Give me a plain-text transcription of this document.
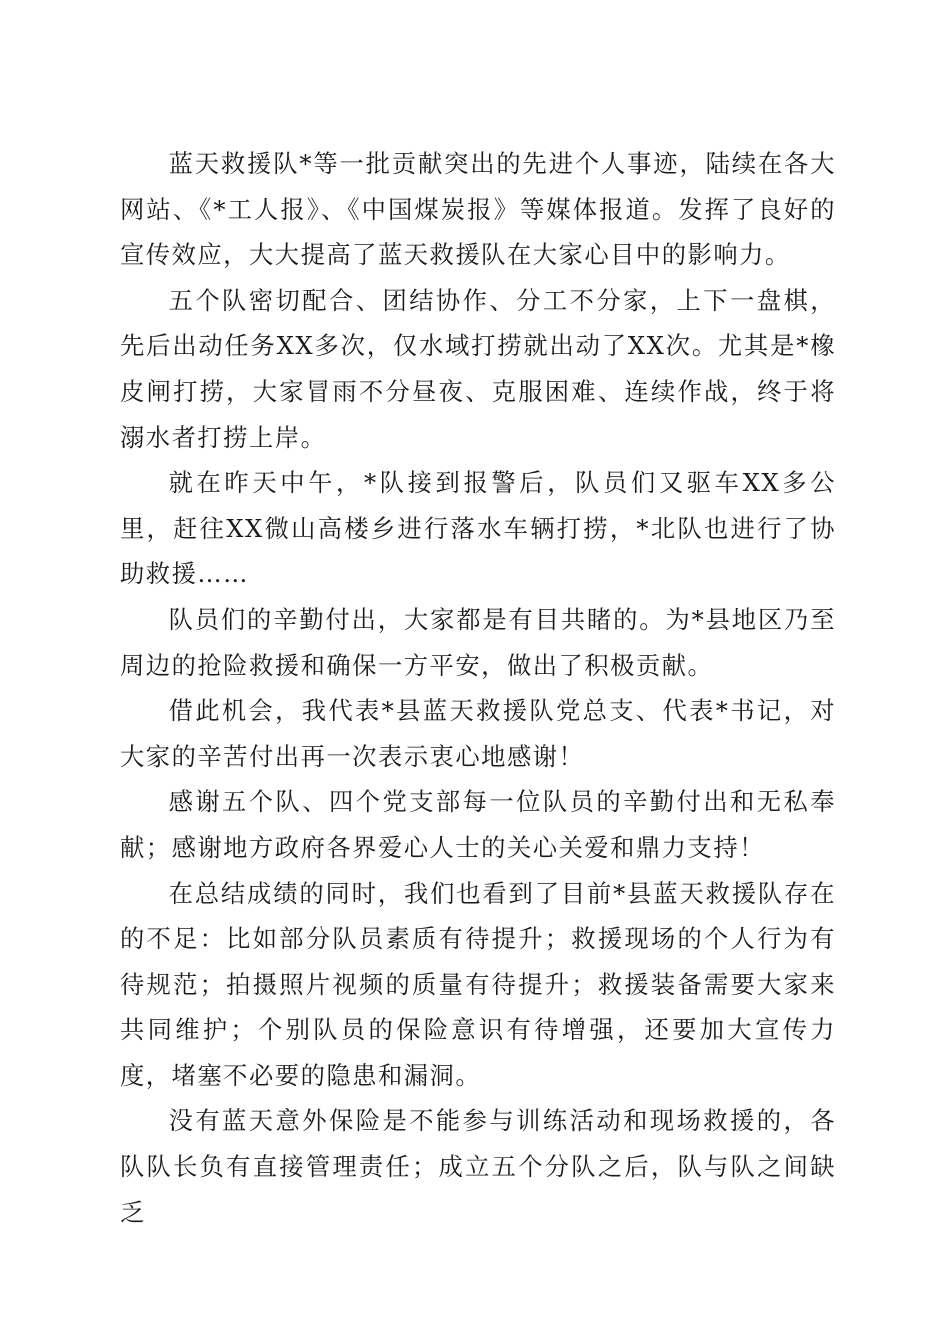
蓝天救援队*等一批贡献突出的先进个人事迹，陆续在各大网站、《*工人报》、《中国煤炭报》等媒体报道。发挥了良好的宣传效应，大大提高了蓝天救援队在大家心目中的影响力。

五个队密切配合、团结协作、分工不分家，上下一盘棋，先后出动任务XX多次，仅水域打捞就出动了XX次。尤其是*橡皮闸打捞，大家冒雨不分昼夜、克服困难、连续作战，终于将溺水者打捞上岸。

就在昨天中午，*队接到报警后，队员们又驱车XX多公里，赶往XX微山高楼乡进行落水车辆打捞，*北队也进行了协助救援……

队员们的辛勤付出，大家都是有目共睹的。为*县地区乃至周边的抢险救援和确保一方平安，做出了积极贡献。

借此机会，我代表*县蓝天救援队党总支、代表*书记，对大家的辛苦付出再一次表示衷心地感谢！

感谢五个队、四个党支部每一位队员的辛勤付出和无私奉献；感谢地方政府各界爱心人士的关心关爱和鼎力支持！

在总结成绩的同时，我们也看到了目前*县蓝天救援队存在的不足：比如部分队员素质有待提升；救援现场的个人行为有待规范；拍摄照片视频的质量有待提升；救援装备需要大家来共同维护；个别队员的保险意识有待增强，还要加大宣传力度，堵塞不必要的隐患和漏洞。

没有蓝天意外保险是不能参与训练活动和现场救援的，各队队长负有直接管理责任；成立五个分队之后，队与队之间缺乏
